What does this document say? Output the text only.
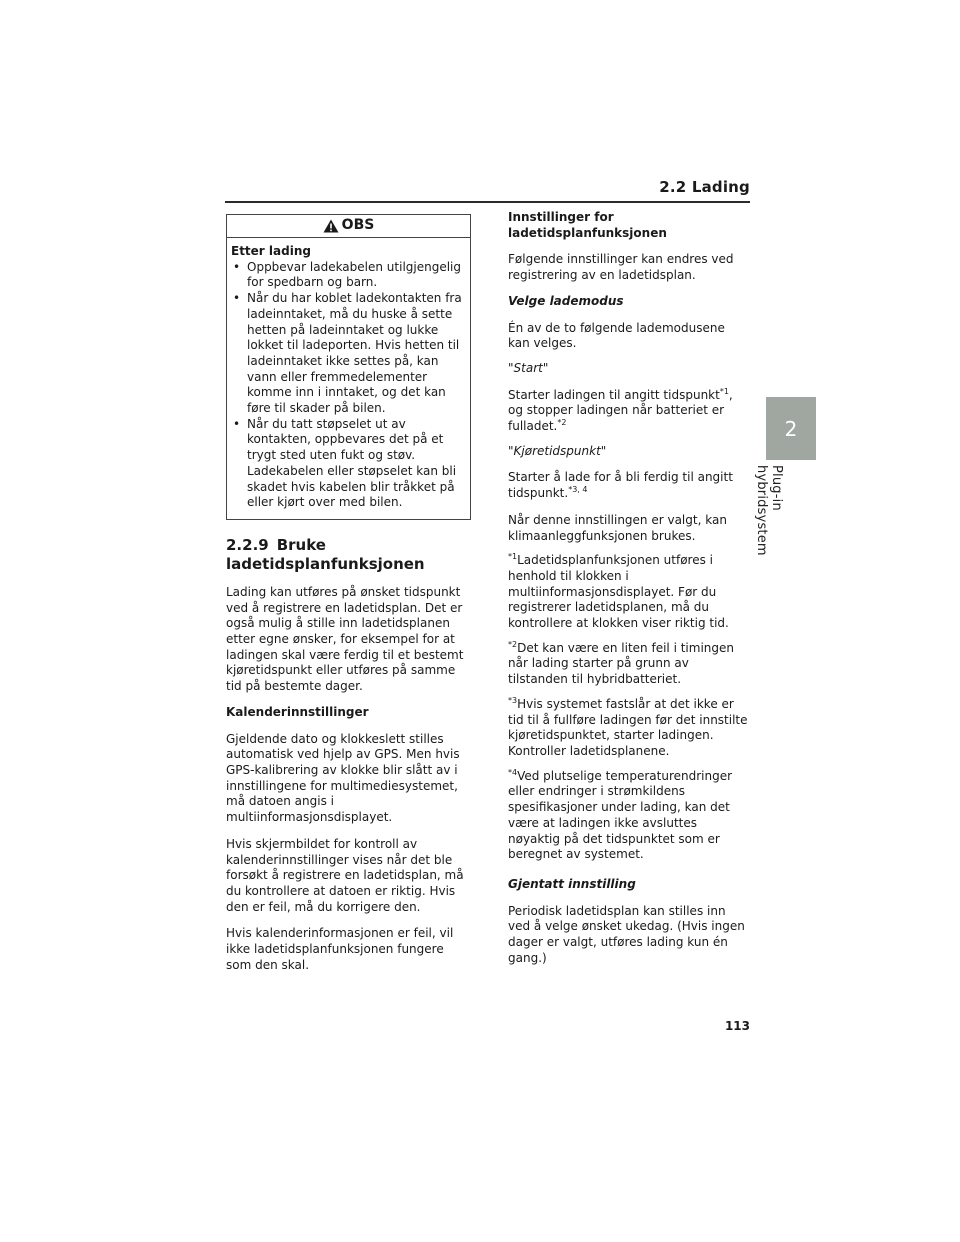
2.2 Lading
2
Plug-in hybridsystem
OBS
Etter lading
• Oppbevar ladekabelen utilgjengelig for spedbarn og barn.
• Når du har koblet ladekontakten fra ladeinntaket, må du huske å sette hetten på ladeinntaket og lukke lokket til ladeporten. Hvis hetten til ladeinntaket ikke settes på, kan vann eller fremmedelementer komme inn i inntaket, og det kan føre til skader på bilen.
• Når du tatt støpselet ut av kontakten, oppbevares det på et trygt sted uten fukt og støv. Ladekabelen eller støpselet kan bli skadet hvis kabelen blir tråkket på eller kjørt over med bilen.
2.2.9 Bruke ladetidsplanfunksjonen

Lading kan utføres på ønsket tidspunkt ved å registrere en ladetidsplan. Det er også mulig å stille inn ladetidsplanen etter egne ønsker, for eksempel for at ladingen skal være ferdig til et bestemt kjøretidspunkt eller utføres på samme tid på bestemte dager.

Kalenderinnstillinger

Gjeldende dato og klokkeslett stilles automatisk ved hjelp av GPS. Men hvis GPS-kalibrering av klokke blir slått av i innstillingene for multimediesystemet, må datoen angis i multiinformasjonsdisplayet.

Hvis skjermbildet for kontroll av kalenderinnstillinger vises når det ble forsøkt å registrere en ladetidsplan, må du kontrollere at datoen er riktig. Hvis den er feil, må du korrigere den.

Hvis kalenderinformasjonen er feil, vil ikke ladetidsplanfunksjonen fungere som den skal.

Innstillinger for ladetidsplanfunksjonen

Følgende innstillinger kan endres ved registrering av en ladetidsplan.

Velge lademodus

Én av de to følgende lademodusene kan velges.

"Start"

Starter ladingen til angitt tidspunkt$^{*1}$, og stopper ladingen når batteriet er fulladet.$^{*2}$

"Kjøretidspunkt"

Starter å lade for å bli ferdig til angitt tidspunkt.$^{*3, 4}$

Når denne innstillingen er valgt, kan klimaanleggfunksjonen brukes.

$^{*1}$Ladetidsplanfunksjonen utføres i henhold til klokken i multiinformasjonsdisplayet. Før du registrerer ladetidsplanen, må du kontrollere at klokken viser riktig tid.

$^{*2}$Det kan være en liten feil i timingen når lading starter på grunn av tilstanden til hybridbatteriet.

$^{*3}$Hvis systemet fastslår at det ikke er tid til å fullføre ladingen før det innstilte kjøretidspunktet, starter ladingen. Kontroller ladetidsplanene.

$^{*4}$Ved plutselige temperaturendringer eller endringer i strømkildens spesifikasjoner under lading, kan det være at ladingen ikke avsluttes nøyaktig på det tidspunktet som er beregnet av systemet.

Gjentatt innstilling

Periodisk ladetidsplan kan stilles inn ved å velge ønsket ukedag. (Hvis ingen dager er valgt, utføres lading kun én gang.)

113
